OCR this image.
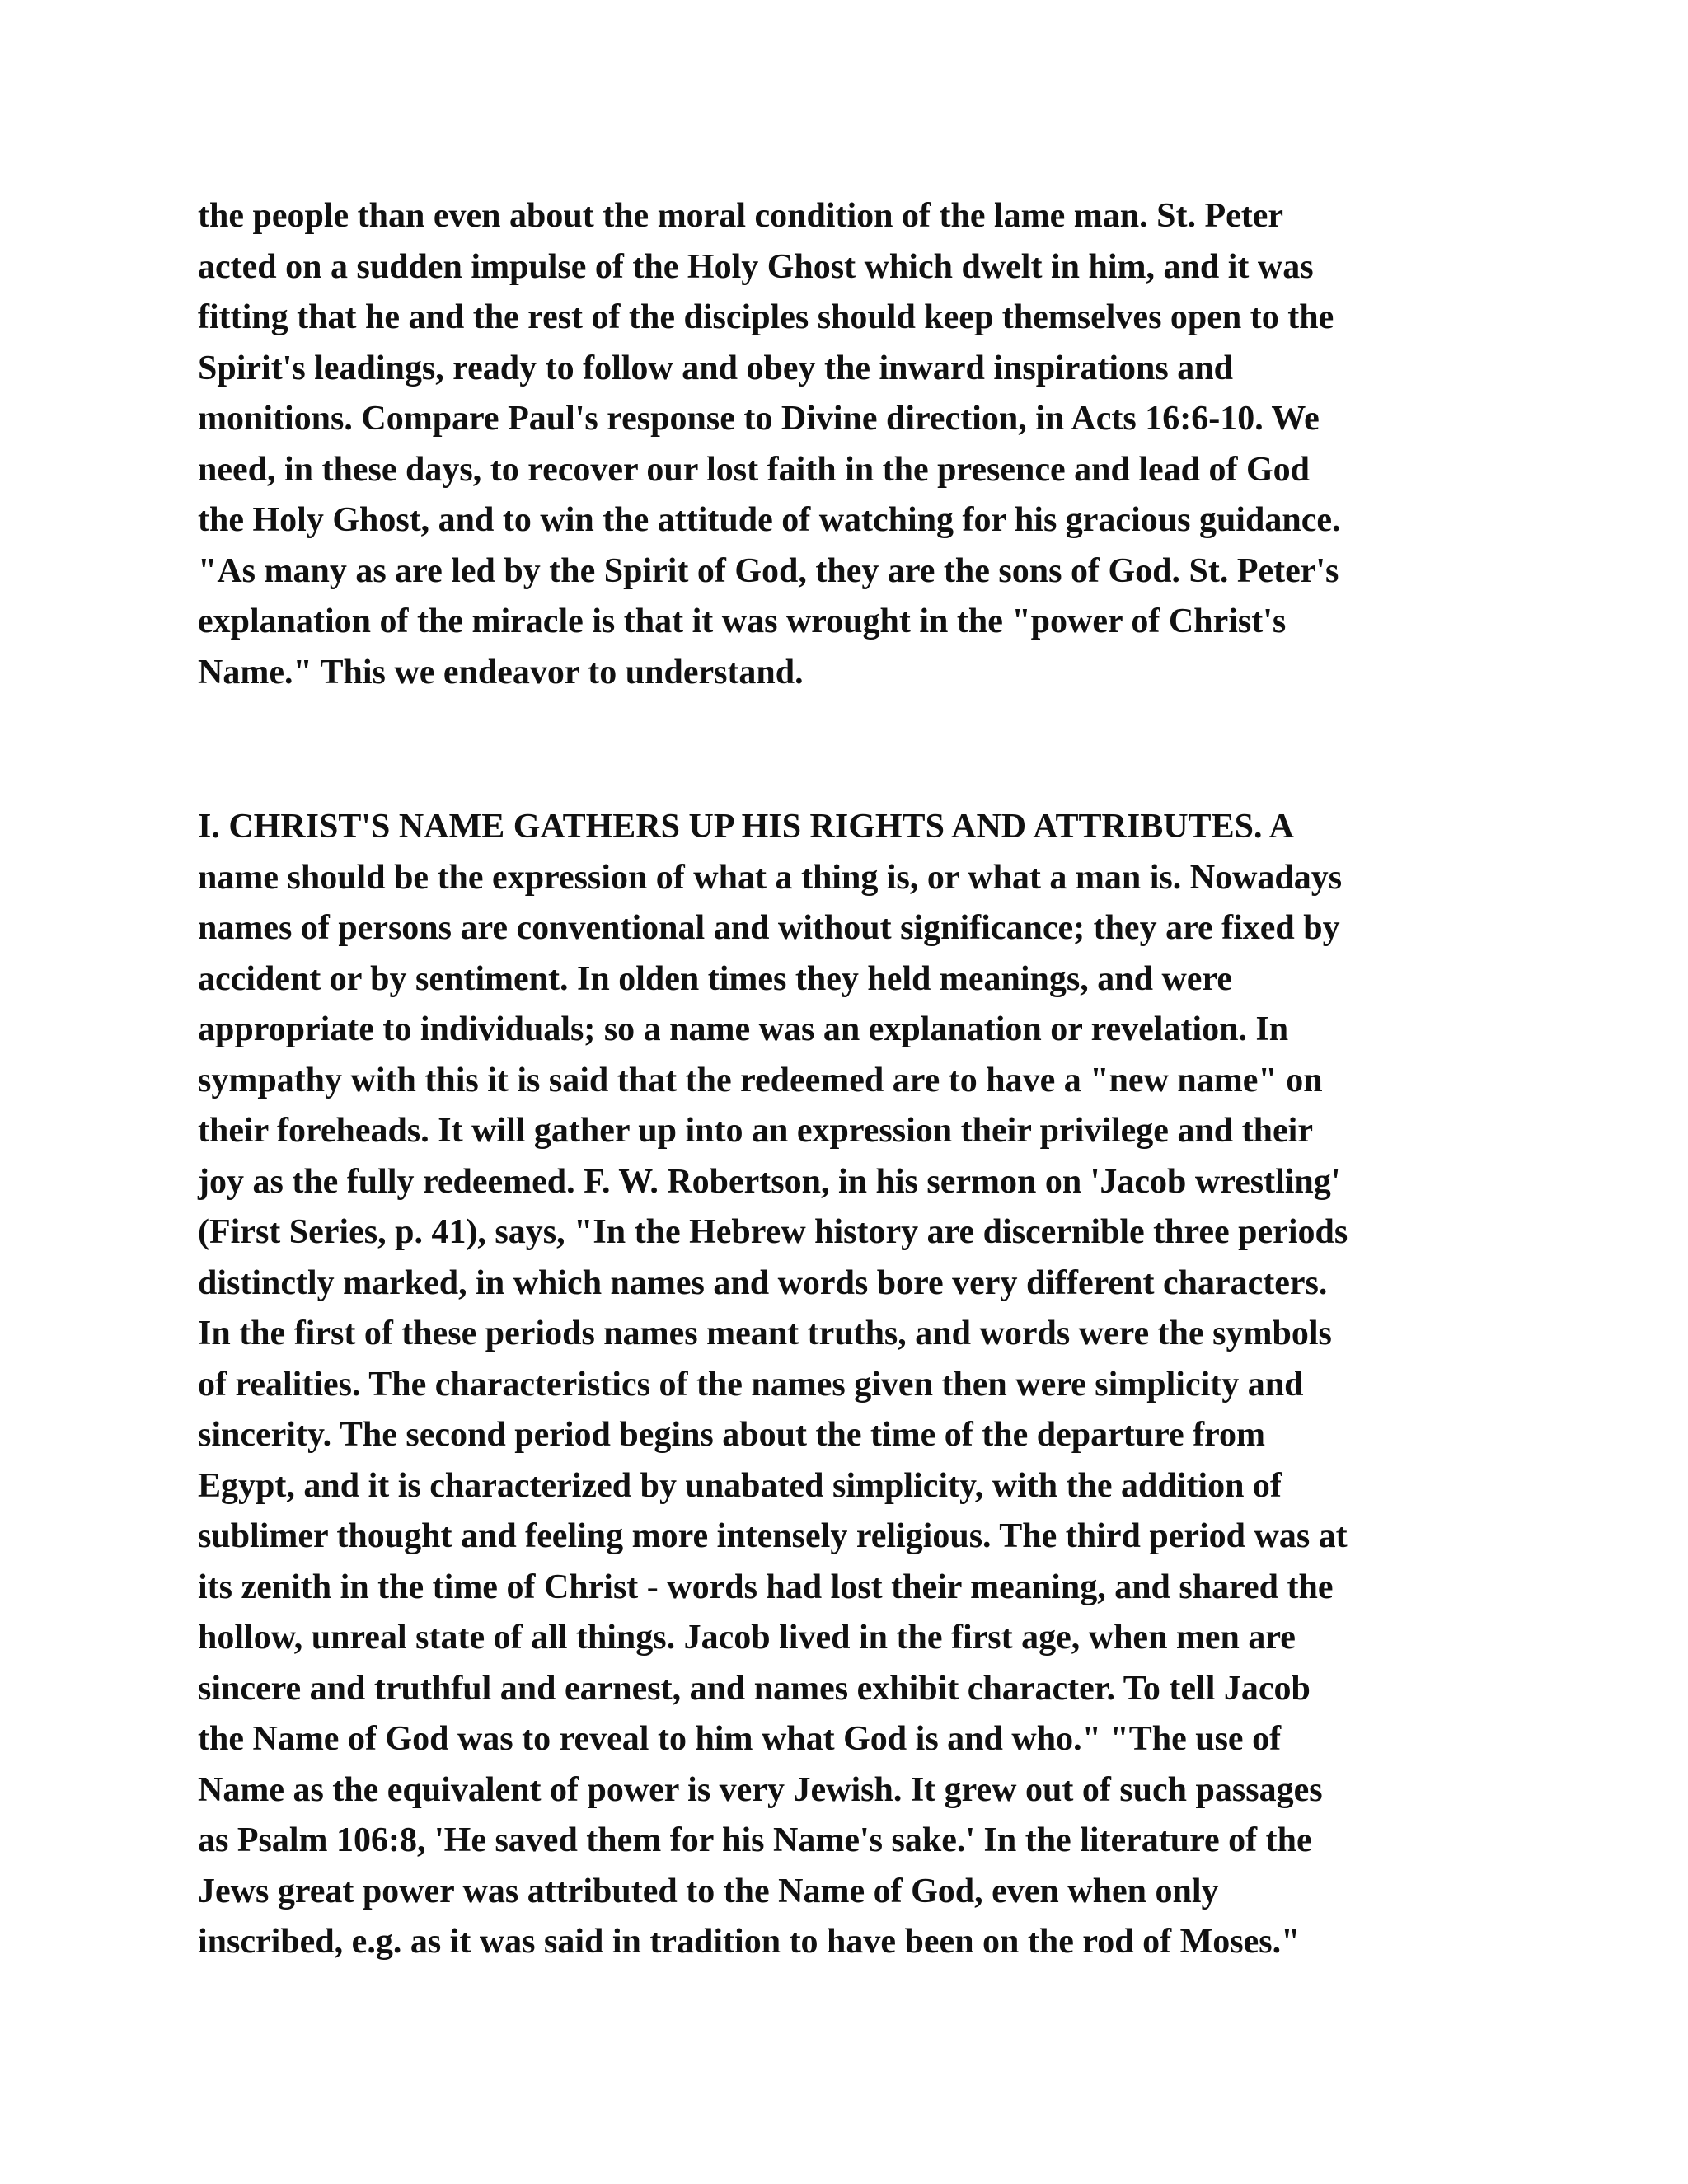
the people than even about the moral condition of the lame man. St. Peter
acted on a sudden impulse of the Holy Ghost which dwelt in him, and it was
fitting that he and the rest of the disciples should keep themselves open to the
Spirit's leadings, ready to follow and obey the inward inspirations and
monitions. Compare Paul's response to Divine direction, in Acts 16:6-10. We
need, in these days, to recover our lost faith in the presence and lead of God
the Holy Ghost, and to win the attitude of watching for his gracious guidance.
"As many as are led by the Spirit of God, they are the sons of God. St. Peter's
explanation of the miracle is that it was wrought in the "power of Christ's
Name." This we endeavor to understand.

I. CHRIST'S NAME GATHERS UP HIS RIGHTS AND ATTRIBUTES. A
name should be the expression of what a thing is, or what a man is. Nowadays
names of persons are conventional and without significance; they are fixed by
accident or by sentiment. In olden times they held meanings, and were
appropriate to individuals; so a name was an explanation or revelation. In
sympathy with this it is said that the redeemed are to have a "new name" on
their foreheads. It will gather up into an expression their privilege and their
joy as the fully redeemed. F. W. Robertson, in his sermon on 'Jacob wrestling'
(First Series, p. 41), says, "In the Hebrew history are discernible three periods
distinctly marked, in which names and words bore very different characters.
In the first of these periods names meant truths, and words were the symbols
of realities. The characteristics of the names given then were simplicity and
sincerity. The second period begins about the time of the departure from
Egypt, and it is characterized by unabated simplicity, with the addition of
sublimer thought and feeling more intensely religious. The third period was at
its zenith in the time of Christ - words had lost their meaning, and shared the
hollow, unreal state of all things. Jacob lived in the first age, when men are
sincere and truthful and earnest, and names exhibit character. To tell Jacob
the Name of God was to reveal to him what God is and who." "The use of
Name as the equivalent of power is very Jewish. It grew out of such passages
as Psalm 106:8, 'He saved them for his Name's sake.' In the literature of the
Jews great power was attributed to the Name of God, even when only
inscribed, e.g. as it was said in tradition to have been on the rod of Moses."
